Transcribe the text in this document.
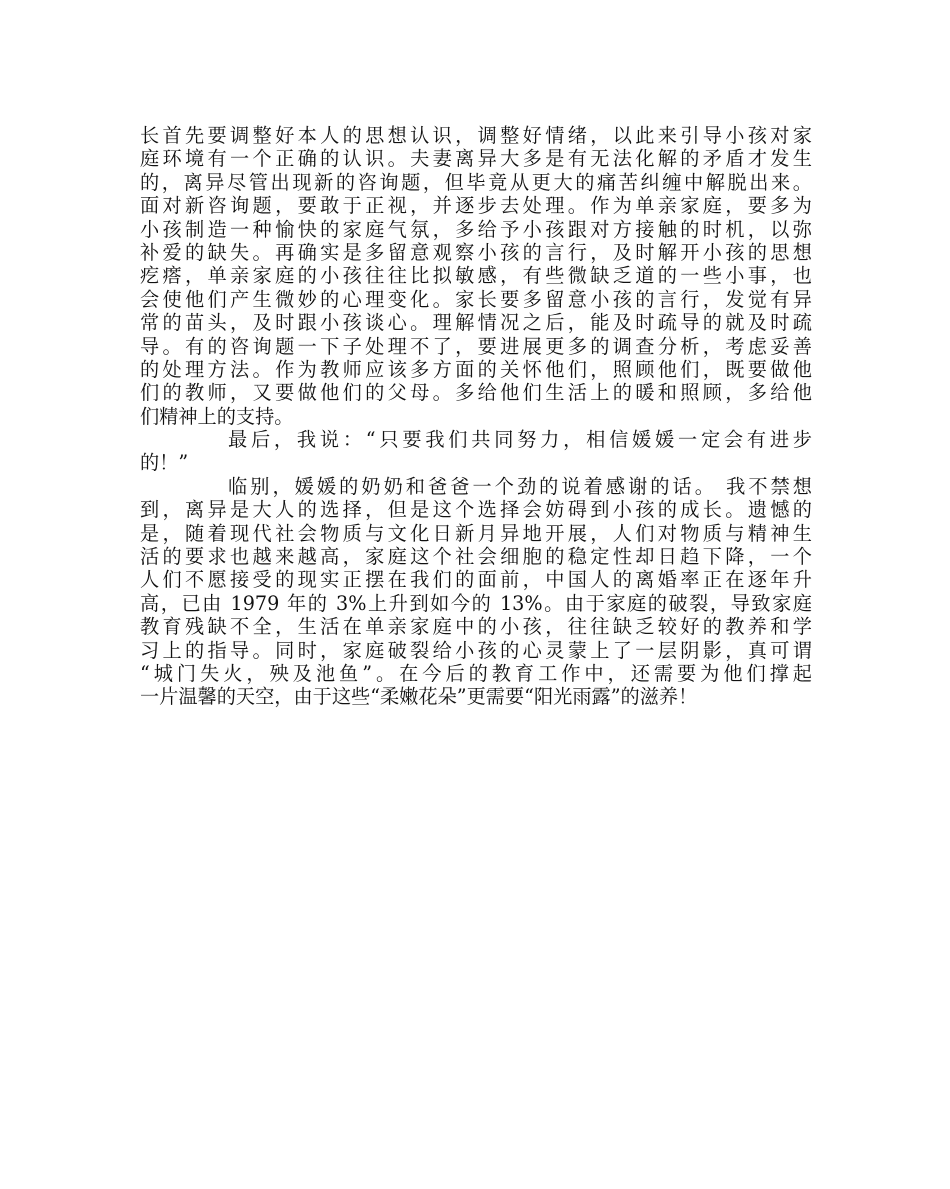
长首先要调整好本人的思想认识，调整好情绪，以此来引导小孩对家
庭环境有一个正确的认识。夫妻离异大多是有无法化解的矛盾才发生
的，离异尽管出现新的咨询题，但毕竟从更大的痛苦纠缠中解脱出来。
面对新咨询题，要敢于正视，并逐步去处理。作为单亲家庭，要多为
小孩制造一种愉快的家庭气氛，多给予小孩跟对方接触的时机，以弥
补爱的缺失。再确实是多留意观察小孩的言行，及时解开小孩的思想
疙瘩，单亲家庭的小孩往往比拟敏感，有些微缺乏道的一些小事，也
会使他们产生微妙的心理变化。家长要多留意小孩的言行，发觉有异
常的苗头，及时跟小孩谈心。理解情况之后，能及时疏导的就及时疏
导。有的咨询题一下子处理不了，要进展更多的调查分析，考虑妥善
的处理方法。作为教师应该多方面的关怀他们，照顾他们，既要做他
们的教师，又要做他们的父母。多给他们生活上的暖和照顾，多给他
们精神上的支持。
最后，我说：“只要我们共同努力，相信媛媛一定会有进步
的！”
临别，媛媛的奶奶和爸爸一个劲的说着感谢的话。 我不禁想
到，离异是大人的选择，但是这个选择会妨碍到小孩的成长。遗憾的
是，随着现代社会物质与文化日新月异地开展，人们对物质与精神生
活的要求也越来越高，家庭这个社会细胞的稳定性却日趋下降，一个
人们不愿接受的现实正摆在我们的面前，中国人的离婚率正在逐年升
高，已由 1979 年的 3%上升到如今的 13%。由于家庭的破裂，导致家庭
教育残缺不全，生活在单亲家庭中的小孩，往往缺乏较好的教养和学
习上的指导。同时，家庭破裂给小孩的心灵蒙上了一层阴影，真可谓
“城门失火，殃及池鱼”。在今后的教育工作中，还需要为他们撑起
一片温馨的天空，由于这些“柔嫩花朵”更需要“阳光雨露”的滋养！
